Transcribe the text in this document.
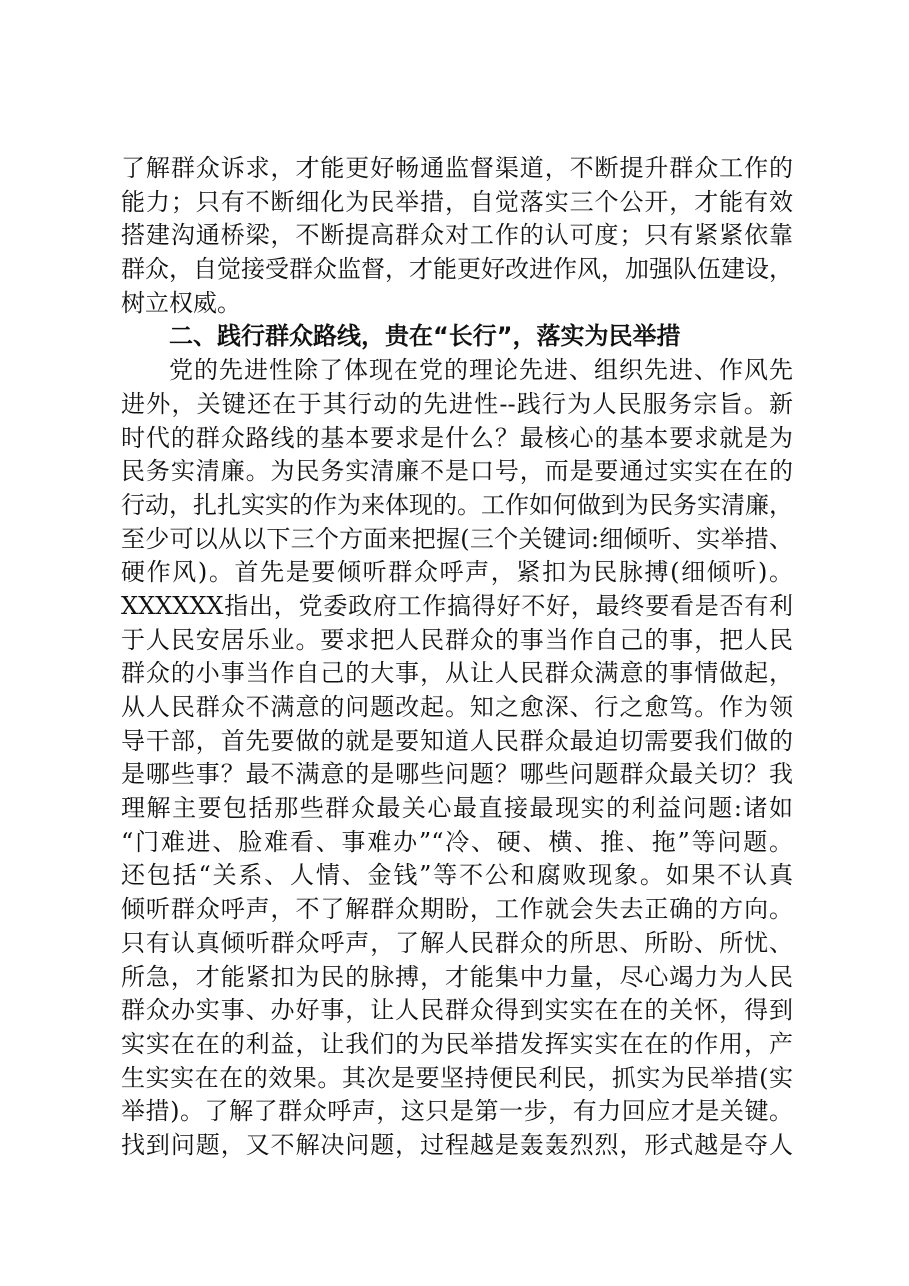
了解群众诉求，才能更好畅通监督渠道，不断提升群众工作的
能力；只有不断细化为民举措，自觉落实三个公开，才能有效
搭建沟通桥梁，不断提高群众对工作的认可度；只有紧紧依靠
群众，自觉接受群众监督，才能更好改进作风，加强队伍建设，
树立权威。
二、践行群众路线，贵在“长行”，落实为民举措
党的先进性除了体现在党的理论先进、组织先进、作风先
进外，关键还在于其行动的先进性--践行为人民服务宗旨。新
时代的群众路线的基本要求是什么？最核心的基本要求就是为
民务实清廉。为民务实清廉不是口号，而是要通过实实在在的
行动，扎扎实实的作为来体现的。工作如何做到为民务实清廉，
至少可以从以下三个方面来把握(三个关键词:细倾听、实举措、
硬作风)。首先是要倾听群众呼声，紧扣为民脉搏(细倾听)。
XXXXXX指出，党委政府工作搞得好不好，最终要看是否有利
于人民安居乐业。要求把人民群众的事当作自己的事，把人民
群众的小事当作自己的大事，从让人民群众满意的事情做起，
从人民群众不满意的问题改起。知之愈深、行之愈笃。作为领
导干部，首先要做的就是要知道人民群众最迫切需要我们做的
是哪些事？最不满意的是哪些问题？哪些问题群众最关切？我
理解主要包括那些群众最关心最直接最现实的利益问题:诸如
“门难进、脸难看、事难办”“冷、硬、横、推、拖”等问题。
还包括“关系、人情、金钱”等不公和腐败现象。如果不认真
倾听群众呼声，不了解群众期盼，工作就会失去正确的方向。
只有认真倾听群众呼声，了解人民群众的所思、所盼、所忧、
所急，才能紧扣为民的脉搏，才能集中力量，尽心竭力为人民
群众办实事、办好事，让人民群众得到实实在在的关怀，得到
实实在在的利益，让我们的为民举措发挥实实在在的作用，产
生实实在在的效果。其次是要坚持便民利民，抓实为民举措(实
举措)。了解了群众呼声，这只是第一步，有力回应才是关键。
找到问题，又不解决问题，过程越是轰轰烈烈，形式越是夺人
